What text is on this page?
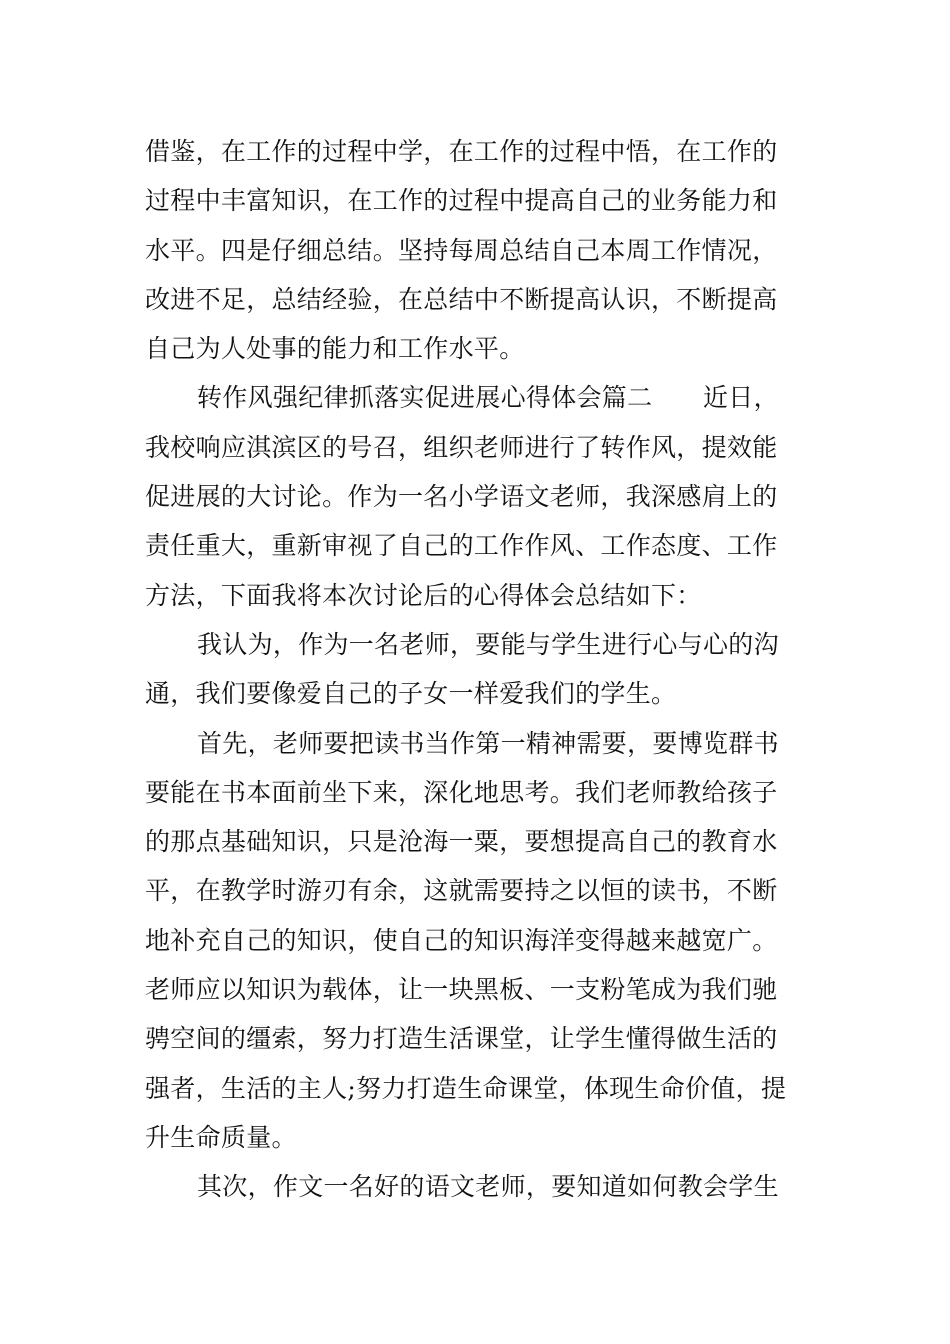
借鉴，在工作的过程中学，在工作的过程中悟，在工作的
过程中丰富知识，在工作的过程中提高自己的业务能力和
水平。四是仔细总结。坚持每周总结自己本周工作情况，
改进不足，总结经验，在总结中不断提高认识，不断提高
自己为人处事的能力和工作水平。
转作风强纪律抓落实促进展心得体会篇二　　近日，
我校响应淇滨区的号召，组织老师进行了转作风，提效能
促进展的大讨论。作为一名小学语文老师，我深感肩上的
责任重大，重新审视了自己的工作作风、工作态度、工作
方法，下面我将本次讨论后的心得体会总结如下：
我认为，作为一名老师，要能与学生进行心与心的沟
通，我们要像爱自己的子女一样爱我们的学生。
首先，老师要把读书当作第一精神需要，要博览群书
要能在书本面前坐下来，深化地思考。我们老师教给孩子
的那点基础知识，只是沧海一粟，要想提高自己的教育水
平，在教学时游刃有余，这就需要持之以恒的读书，不断
地补充自己的知识，使自己的知识海洋变得越来越宽广。
老师应以知识为载体，让一块黑板、一支粉笔成为我们驰
骋空间的缰索，努力打造生活课堂，让学生懂得做生活的
强者，生活的主人;努力打造生命课堂，体现生命价值，提
升生命质量。
其次，作文一名好的语文老师，要知道如何教会学生
